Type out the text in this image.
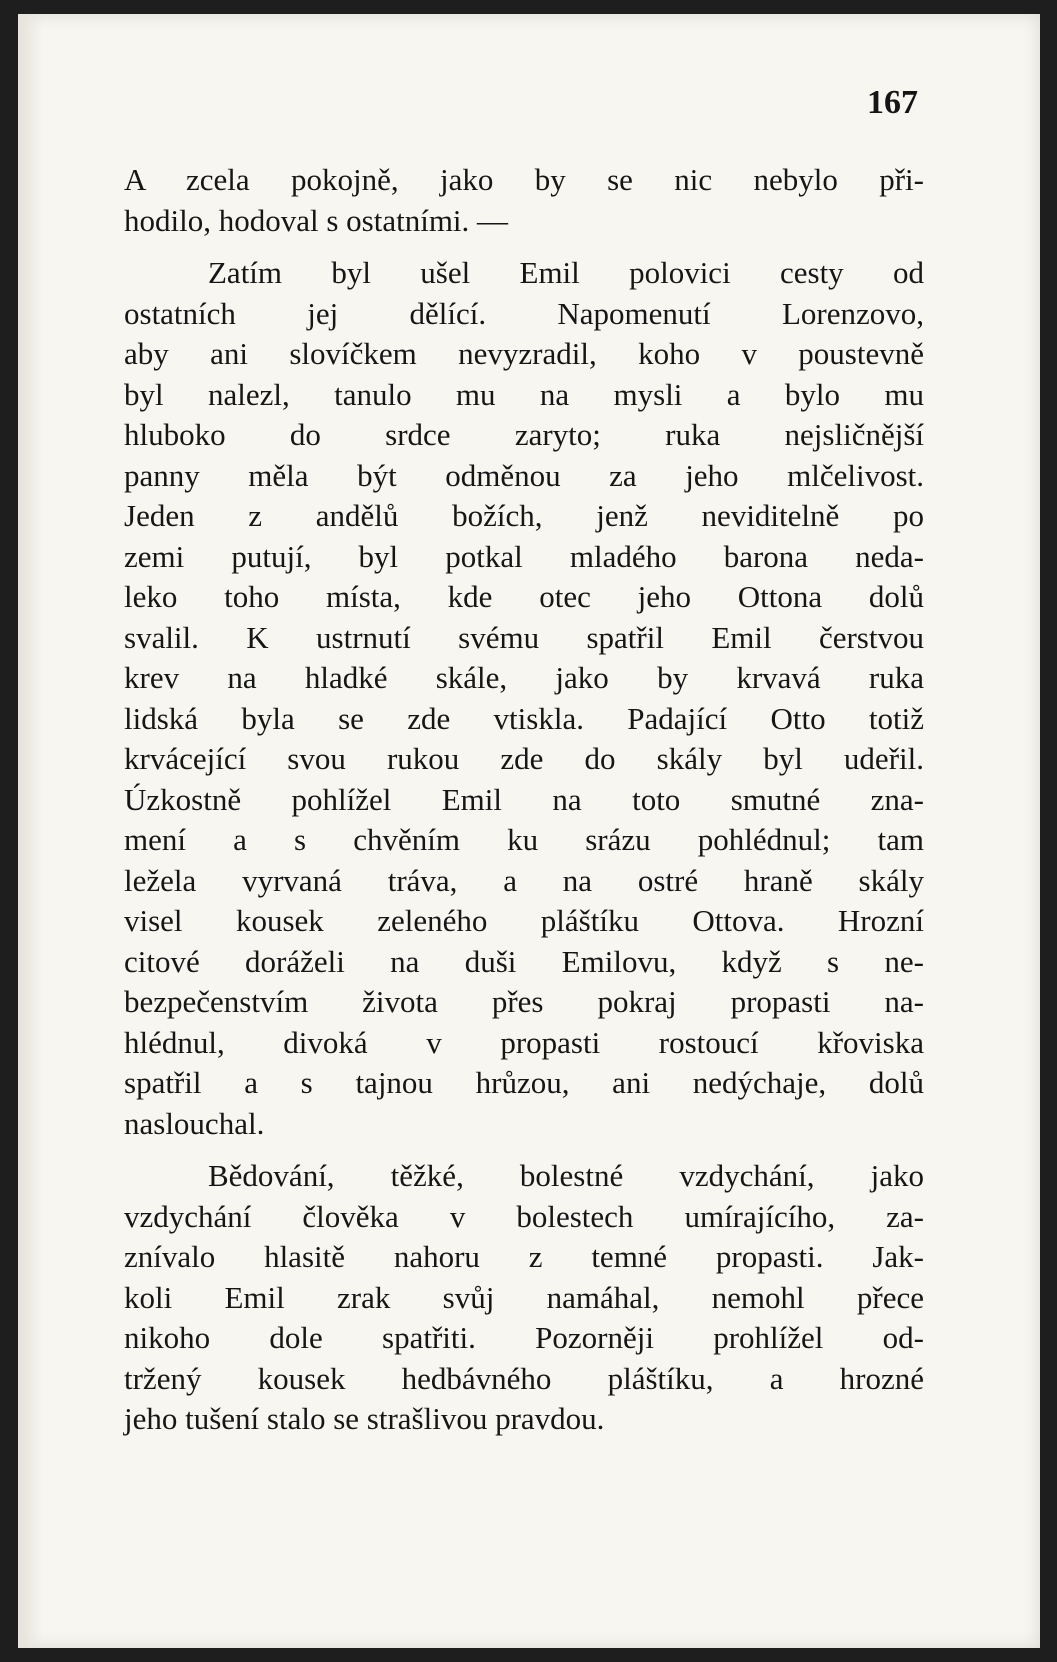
167

A zcela pokojně, jako by se nic nebylo při-
hodilo, hodoval s ostatními. —
Zatím byl ušel Emil polovici cesty od
ostatních jej dělící. Napomenutí Lorenzovo,
aby ani slovíčkem nevyzradil, koho v poustevně
byl nalezl, tanulo mu na mysli a bylo mu
hluboko do srdce zaryto; ruka nejsličnější
panny měla být odměnou za jeho mlčelivost.
Jeden z andělů božích, jenž neviditelně po
zemi putují, byl potkal mladého barona neda-
leko toho místa, kde otec jeho Ottona dolů
svalil. K ustrnutí svému spatřil Emil čerstvou
krev na hladké skále, jako by krvavá ruka
lidská byla se zde vtiskla. Padající Otto totiž
krvácející svou rukou zde do skály byl udeřil.
Úzkostně pohlížel Emil na toto smutné zna-
mení a s chvěním ku srázu pohlédnul; tam
ležela vyrvaná tráva, a na ostré hraně skály
visel kousek zeleného pláštíku Ottova. Hrozní
citové doráželi na duši Emilovu, když s ne-
bezpečenstvím života přes pokraj propasti na-
hlédnul, divoká v propasti rostoucí křoviska
spatřil a s tajnou hrůzou, ani nedýchaje, dolů
naslouchal.
Bědování, těžké, bolestné vzdychání, jako
vzdychání člověka v bolestech umírajícího, za-
znívalo hlasitě nahoru z temné propasti. Jak-
koli Emil zrak svůj namáhal, nemohl přece
nikoho dole spatřiti. Pozorněji prohlížel od-
tržený kousek hedbávného pláštíku, a hrozné
jeho tušení stalo se strašlivou pravdou.
